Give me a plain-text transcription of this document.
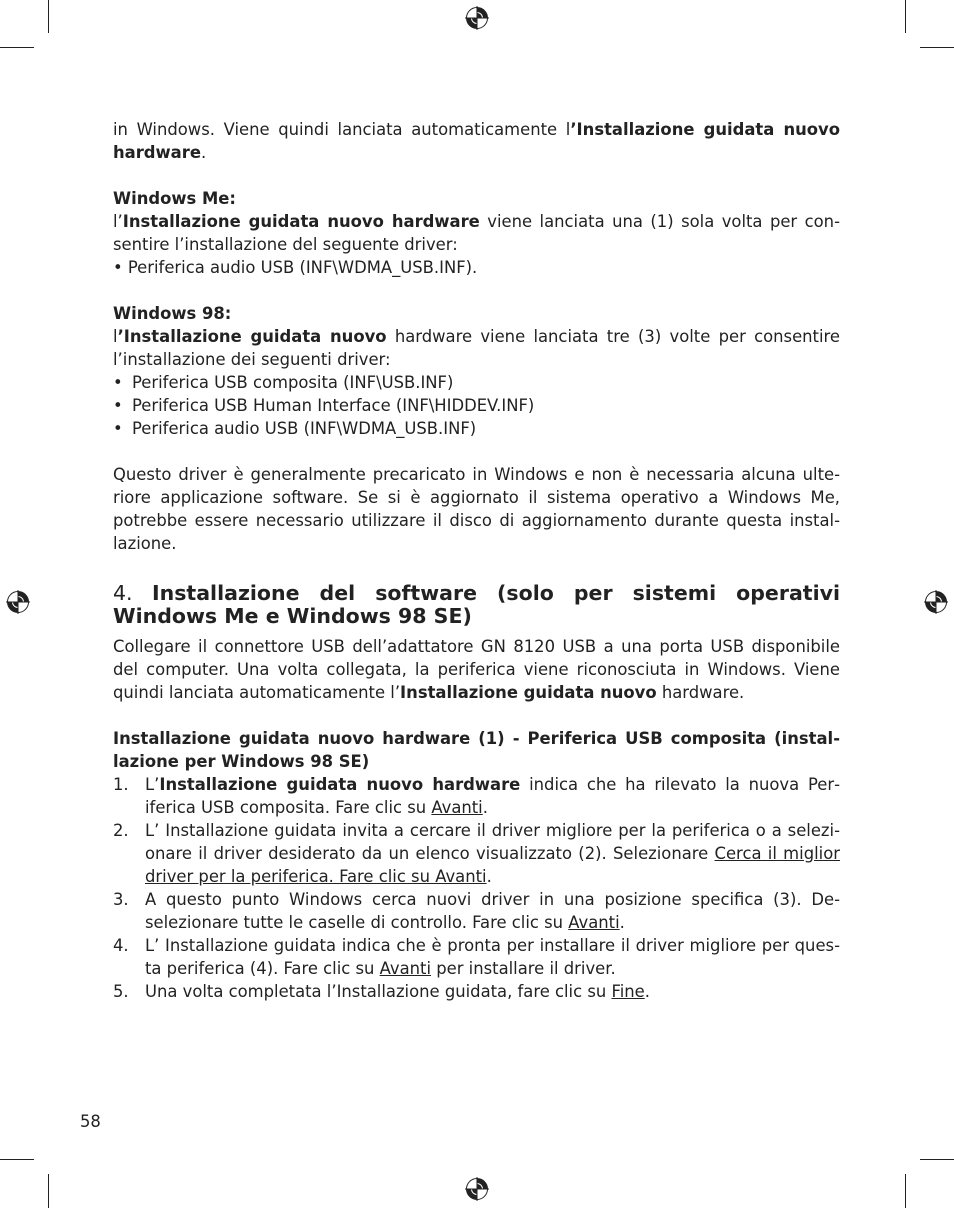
in Windows. Viene quindi lanciata automaticamente l’Installazione guidata nuovo hardware.

Windows Me:

l’Installazione guidata nuovo hardware viene lanciata una (1) sola volta per consentire l’installazione del seguente driver:

• Periferica audio USB (INF\WDMA_USB.INF).

Windows 98:

l’Installazione guidata nuovo hardware viene lanciata tre (3) volte per consentire l’installazione dei seguenti driver:

• Periferica USB composita (INF\USB.INF)
• Periferica USB Human Interface (INF\HIDDEV.INF)
• Periferica audio USB (INF\WDMA_USB.INF)

Questo driver è generalmente precaricato in Windows e non è necessaria alcuna ulteriore applicazione software. Se si è aggiornato il sistema operativo a Windows Me, potrebbe essere necessario utilizzare il disco di aggiornamento durante questa installazione.

4. Installazione del software (solo per sistemi operativi Windows Me e Windows 98 SE)

Collegare il connettore USB dell’adattatore GN 8120 USB a una porta USB disponibile del computer. Una volta collegata, la periferica viene riconosciuta in Windows. Viene quindi lanciata automaticamente l’Installazione guidata nuovo hardware.

Installazione guidata nuovo hardware (1) - Periferica USB composita (installazione per Windows 98 SE)

1. L’Installazione guidata nuovo hardware indica che ha rilevato la nuova Periferica USB composita. Fare clic su Avanti.
2. L’ Installazione guidata invita a cercare il driver migliore per la periferica o a selezionare il driver desiderato da un elenco visualizzato (2). Selezionare Cerca il miglior driver per la periferica. Fare clic su Avanti.
3. A questo punto Windows cerca nuovi driver in una posizione specifica (3). Deselezionare tutte le caselle di controllo. Fare clic su Avanti.
4. L’ Installazione guidata indica che è pronta per installare il driver migliore per questa periferica (4). Fare clic su Avanti per installare il driver.
5. Una volta completata l’Installazione guidata, fare clic su Fine.
58
